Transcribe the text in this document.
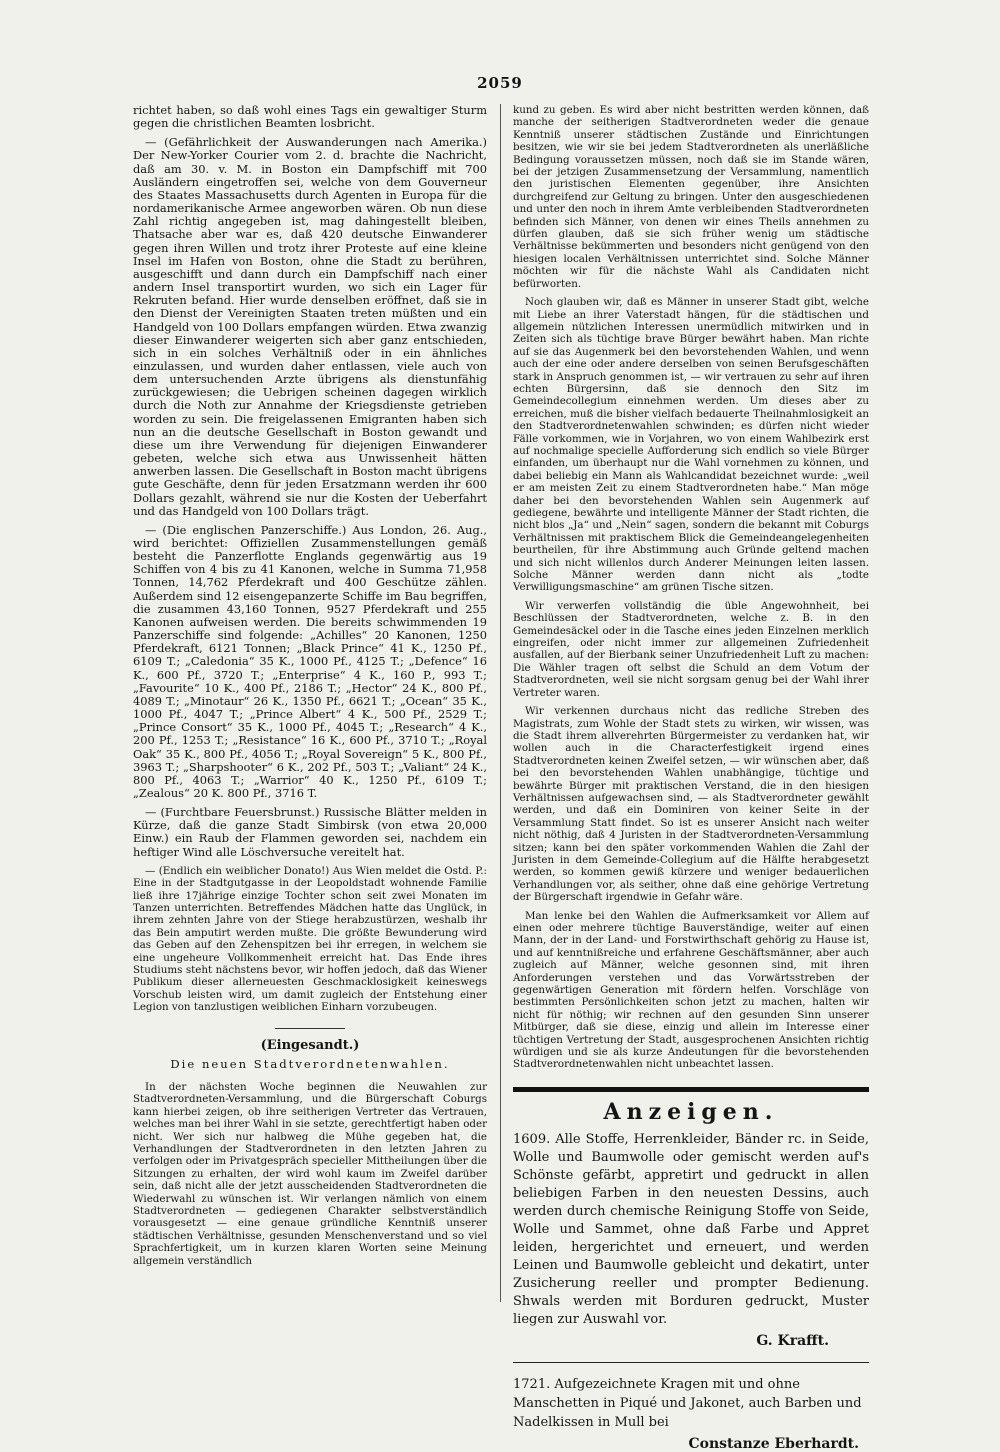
2059

richtet haben, so daß wohl eines Tags ein gewaltiger Sturm gegen die christlichen Beamten losbricht.

— (Gefährlichkeit der Auswanderungen nach Amerika.) Der New-Yorker Courier vom 2. d. brachte die Nachricht, daß am 30. v. M. in Boston ein Dampfschiff mit 700 Ausländern eingetroffen sei, welche von dem Gouverneur des Staates Massachusetts durch Agenten in Europa für die nordamerikanische Armee angeworben wären. Ob nun diese Zahl richtig angegeben ist, mag dahingestellt bleiben, Thatsache aber war es, daß 420 deutsche Einwanderer gegen ihren Willen und trotz ihrer Proteste auf eine kleine Insel im Hafen von Boston, ohne die Stadt zu berühren, ausgeschifft und dann durch ein Dampfschiff nach einer andern Insel transportirt wurden, wo sich ein Lager für Rekruten befand. Hier wurde denselben eröffnet, daß sie in den Dienst der Vereinigten Staaten treten müßten und ein Handgeld von 100 Dollars empfangen würden. Etwa zwanzig dieser Einwanderer weigerten sich aber ganz entschieden, sich in ein solches Verhältniß oder in ein ähnliches einzulassen, und wurden daher entlassen, viele auch von dem untersuchenden Arzte übrigens als dienstunfähig zurückgewiesen; die Uebrigen scheinen dagegen wirklich durch die Noth zur Annahme der Kriegsdienste getrieben worden zu sein. Die freigelassenen Emigranten haben sich nun an die deutsche Gesellschaft in Boston gewandt und diese um ihre Verwendung für diejenigen Einwanderer gebeten, welche sich etwa aus Unwissenheit hätten anwerben lassen. Die Gesellschaft in Boston macht übrigens gute Geschäfte, denn für jeden Ersatzmann werden ihr 600 Dollars gezahlt, während sie nur die Kosten der Ueberfahrt und das Handgeld von 100 Dollars trägt.

— (Die englischen Panzerschiffe.) Aus London, 26. Aug., wird berichtet: Offiziellen Zusammenstellungen gemäß besteht die Panzerflotte Englands gegenwärtig aus 19 Schiffen von 4 bis zu 41 Kanonen, welche in Summa 71,958 Tonnen, 14,762 Pferdekraft und 400 Geschütze zählen. Außerdem sind 12 eisengepanzerte Schiffe im Bau begriffen, die zusammen 43,160 Tonnen, 9527 Pferdekraft und 255 Kanonen aufweisen werden. Die bereits schwimmenden 19 Panzerschiffe sind folgende: „Achilles“ 20 Kanonen, 1250 Pferdekraft, 6121 Tonnen; „Black Prince“ 41 K., 1250 Pf., 6109 T.; „Caledonia“ 35 K., 1000 Pf., 4125 T.; „Defence“ 16 K., 600 Pf., 3720 T.; „Enterprise“ 4 K., 160 P., 993 T.; „Favourite“ 10 K., 400 Pf., 2186 T.; „Hector“ 24 K., 800 Pf., 4089 T.; „Minotaur“ 26 K., 1350 Pf., 6621 T.; „Ocean“ 35 K., 1000 Pf., 4047 T.; „Prince Albert“ 4 K., 500 Pf., 2529 T.; „Prince Consort“ 35 K., 1000 Pf., 4045 T.; „Research“ 4 K., 200 Pf., 1253 T.; „Resistance“ 16 K., 600 Pf., 3710 T.; „Royal Oak“ 35 K., 800 Pf., 4056 T.; „Royal Sovereign“ 5 K., 800 Pf., 3963 T.; „Sharpshooter“ 6 K., 202 Pf., 503 T.; „Valiant“ 24 K., 800 Pf., 4063 T.; „Warrior“ 40 K., 1250 Pf., 6109 T.; „Zealous“ 20 K. 800 Pf., 3716 T.

— (Furchtbare Feuersbrunst.) Russische Blätter melden in Kürze, daß die ganze Stadt Simbirsk (von etwa 20,000 Einw.) ein Raub der Flammen geworden sei, nachdem ein heftiger Wind alle Löschversuche vereitelt hat.

— (Endlich ein weiblicher Donato!) Aus Wien meldet die Ostd. P.: Eine in der Stadtgutgasse in der Leopoldstadt wohnende Familie ließ ihre 17jährige einzige Tochter schon seit zwei Monaten im Tanzen unterrichten. Betreffendes Mädchen hatte das Unglück, in ihrem zehnten Jahre von der Stiege herabzustürzen, weshalb ihr das Bein amputirt werden mußte. Die größte Bewunderung wird das Geben auf den Zehenspitzen bei ihr erregen, in welchem sie eine ungeheure Vollkommenheit erreicht hat. Das Ende ihres Studiums steht nächstens bevor, wir hoffen jedoch, daß das Wiener Publikum dieser allerneuesten Geschmacklosigkeit keineswegs Vorschub leisten wird, um damit zugleich der Entstehung einer Legion von tanzlustigen weiblichen Einharn vorzubeugen.

(Eingesandt.)
Die neuen Stadtverordnetenwahlen.

In der nächsten Woche beginnen die Neuwahlen zur Stadtverordneten-Versammlung, und die Bürgerschaft Coburgs kann hierbei zeigen, ob ihre seitherigen Vertreter das Vertrauen, welches man bei ihrer Wahl in sie setzte, gerechtfertigt haben oder nicht. Wer sich nur halbweg die Mühe gegeben hat, die Verhandlungen der Stadtverordneten in den letzten Jahren zu verfolgen oder im Privatgespräch specieller Mittheilungen über die Sitzungen zu erhalten, der wird wohl kaum im Zweifel darüber sein, daß nicht alle der jetzt ausscheidenden Stadtverordneten die Wiederwahl zu wünschen ist. Wir verlangen nämlich von einem Stadtverordneten — gediegenen Charakter selbstverständlich vorausgesetzt — eine genaue gründliche Kenntniß unserer städtischen Verhältnisse, gesunden Menschenverstand und so viel Sprachfertigkeit, um in kurzen klaren Worten seine Meinung allgemein verständlich

kund zu geben. Es wird aber nicht bestritten werden können, daß manche der seitherigen Stadtverordneten weder die genaue Kenntniß unserer städtischen Zustände und Einrichtungen besitzen, wie wir sie bei jedem Stadtverordneten als unerläßliche Bedingung voraussetzen müssen, noch daß sie im Stande wären, bei der jetzigen Zusammensetzung der Versammlung, namentlich den juristischen Elementen gegenüber, ihre Ansichten durchgreifend zur Geltung zu bringen. Unter den ausgeschiedenen und unter den noch in ihrem Amte verbleibenden Stadtverordneten befinden sich Männer, von denen wir eines Theils annehmen zu dürfen glauben, daß sie sich früher wenig um städtische Verhältnisse bekümmerten und besonders nicht genügend von den hiesigen localen Verhältnissen unterrichtet sind. Solche Männer möchten wir für die nächste Wahl als Candidaten nicht befürworten.

Noch glauben wir, daß es Männer in unserer Stadt gibt, welche mit Liebe an ihrer Vaterstadt hängen, für die städtischen und allgemein nützlichen Interessen unermüdlich mitwirken und in Zeiten sich als tüchtige brave Bürger bewährt haben. Man richte auf sie das Augenmerk bei den bevorstehenden Wahlen, und wenn auch der eine oder andere derselben von seinen Berufsgeschäften stark in Anspruch genommen ist, — wir vertrauen zu sehr auf ihren echten Bürgersinn, daß sie dennoch den Sitz im Gemeindecollegium einnehmen werden. Um dieses aber zu erreichen, muß die bisher vielfach bedauerte Theilnahmlosigkeit an den Stadtverordnetenwahlen schwinden; es dürfen nicht wieder Fälle vorkommen, wie in Vorjahren, wo von einem Wahlbezirk erst auf nochmalige specielle Aufforderung sich endlich so viele Bürger einfanden, um überhaupt nur die Wahl vornehmen zu können, und dabei beliebig ein Mann als Wahlcandidat bezeichnet wurde: „weil er am meisten Zeit zu einem Stadtverordneten habe.“ Man möge daher bei den bevorstehenden Wahlen sein Augenmerk auf gediegene, bewährte und intelligente Männer der Stadt richten, die nicht blos „Ja“ und „Nein“ sagen, sondern die bekannt mit Coburgs Verhältnissen mit praktischem Blick die Gemeindeangelegenheiten beurtheilen, für ihre Abstimmung auch Gründe geltend machen und sich nicht willenlos durch Anderer Meinungen leiten lassen. Solche Männer werden dann nicht als „todte Verwilligungsmaschine“ am grünen Tische sitzen.

Wir verwerfen vollständig die üble Angewohnheit, bei Beschlüssen der Stadtverordneten, welche z. B. in den Gemeindesäckel oder in die Tasche eines jeden Einzelnen merklich eingreifen, oder nicht immer zur allgemeinen Zufriedenheit ausfallen, auf der Bierbank seiner Unzufriedenheit Luft zu machen: Die Wähler tragen oft selbst die Schuld an dem Votum der Stadtverordneten, weil sie nicht sorgsam genug bei der Wahl ihrer Vertreter waren.

Wir verkennen durchaus nicht das redliche Streben des Magistrats, zum Wohle der Stadt stets zu wirken, wir wissen, was die Stadt ihrem allverehrten Bürgermeister zu verdanken hat, wir wollen auch in die Characterfestigkeit irgend eines Stadtverordneten keinen Zweifel setzen, — wir wünschen aber, daß bei den bevorstehenden Wahlen unabhängige, tüchtige und bewährte Bürger mit praktischen Verstand, die in den hiesigen Verhältnissen aufgewachsen sind, — als Stadtverordneter gewählt werden, und daß ein Dominiren von keiner Seite in der Versammlung Statt findet. So ist es unserer Ansicht nach weiter nicht nöthig, daß 4 Juristen in der Stadtverordneten-Versammlung sitzen; kann bei den später vorkommenden Wahlen die Zahl der Juristen in dem Gemeinde-Collegium auf die Hälfte herabgesetzt werden, so kommen gewiß kürzere und weniger bedauerlichen Verhandlungen vor, als seither, ohne daß eine gehörige Vertretung der Bürgerschaft irgendwie in Gefahr wäre.

Man lenke bei den Wahlen die Aufmerksamkeit vor Allem auf einen oder mehrere tüchtige Bauverständige, weiter auf einen Mann, der in der Land- und Forstwirthschaft gehörig zu Hause ist, und auf kenntnißreiche und erfahrene Geschäftsmänner, aber auch zugleich auf Männer, welche gesonnen sind, mit ihren Anforderungen verstehen und das Vorwärtsstreben der gegenwärtigen Generation mit fördern helfen. Vorschläge von bestimmten Persönlichkeiten schon jetzt zu machen, halten wir nicht für nöthig; wir rechnen auf den gesunden Sinn unserer Mitbürger, daß sie diese, einzig und allein im Interesse einer tüchtigen Vertretung der Stadt, ausgesprochenen Ansichten richtig würdigen und sie als kurze Andeutungen für die bevorstehenden Stadtverordnetenwahlen nicht unbeachtet lassen.

Anzeigen.

1609. Alle Stoffe, Herrenkleider, Bänder rc. in Seide, Wolle und Baumwolle oder gemischt werden auf's Schönste gefärbt, appretirt und gedruckt in allen beliebigen Farben in den neuesten Dessins, auch werden durch chemische Reinigung Stoffe von Seide, Wolle und Sammet, ohne daß Farbe und Appret leiden, hergerichtet und erneuert, und werden Leinen und Baumwolle gebleicht und dekatirt, unter Zusicherung reeller und prompter Bedienung. Shwals werden mit Borduren gedruckt, Muster liegen zur Auswahl vor.

G. Krafft.

1721. Aufgezeichnete Kragen mit und ohne Manschetten in Piqué und Jakonet, auch Barben und Nadelkissen in Mull bei

Constanze Eberhardt.
